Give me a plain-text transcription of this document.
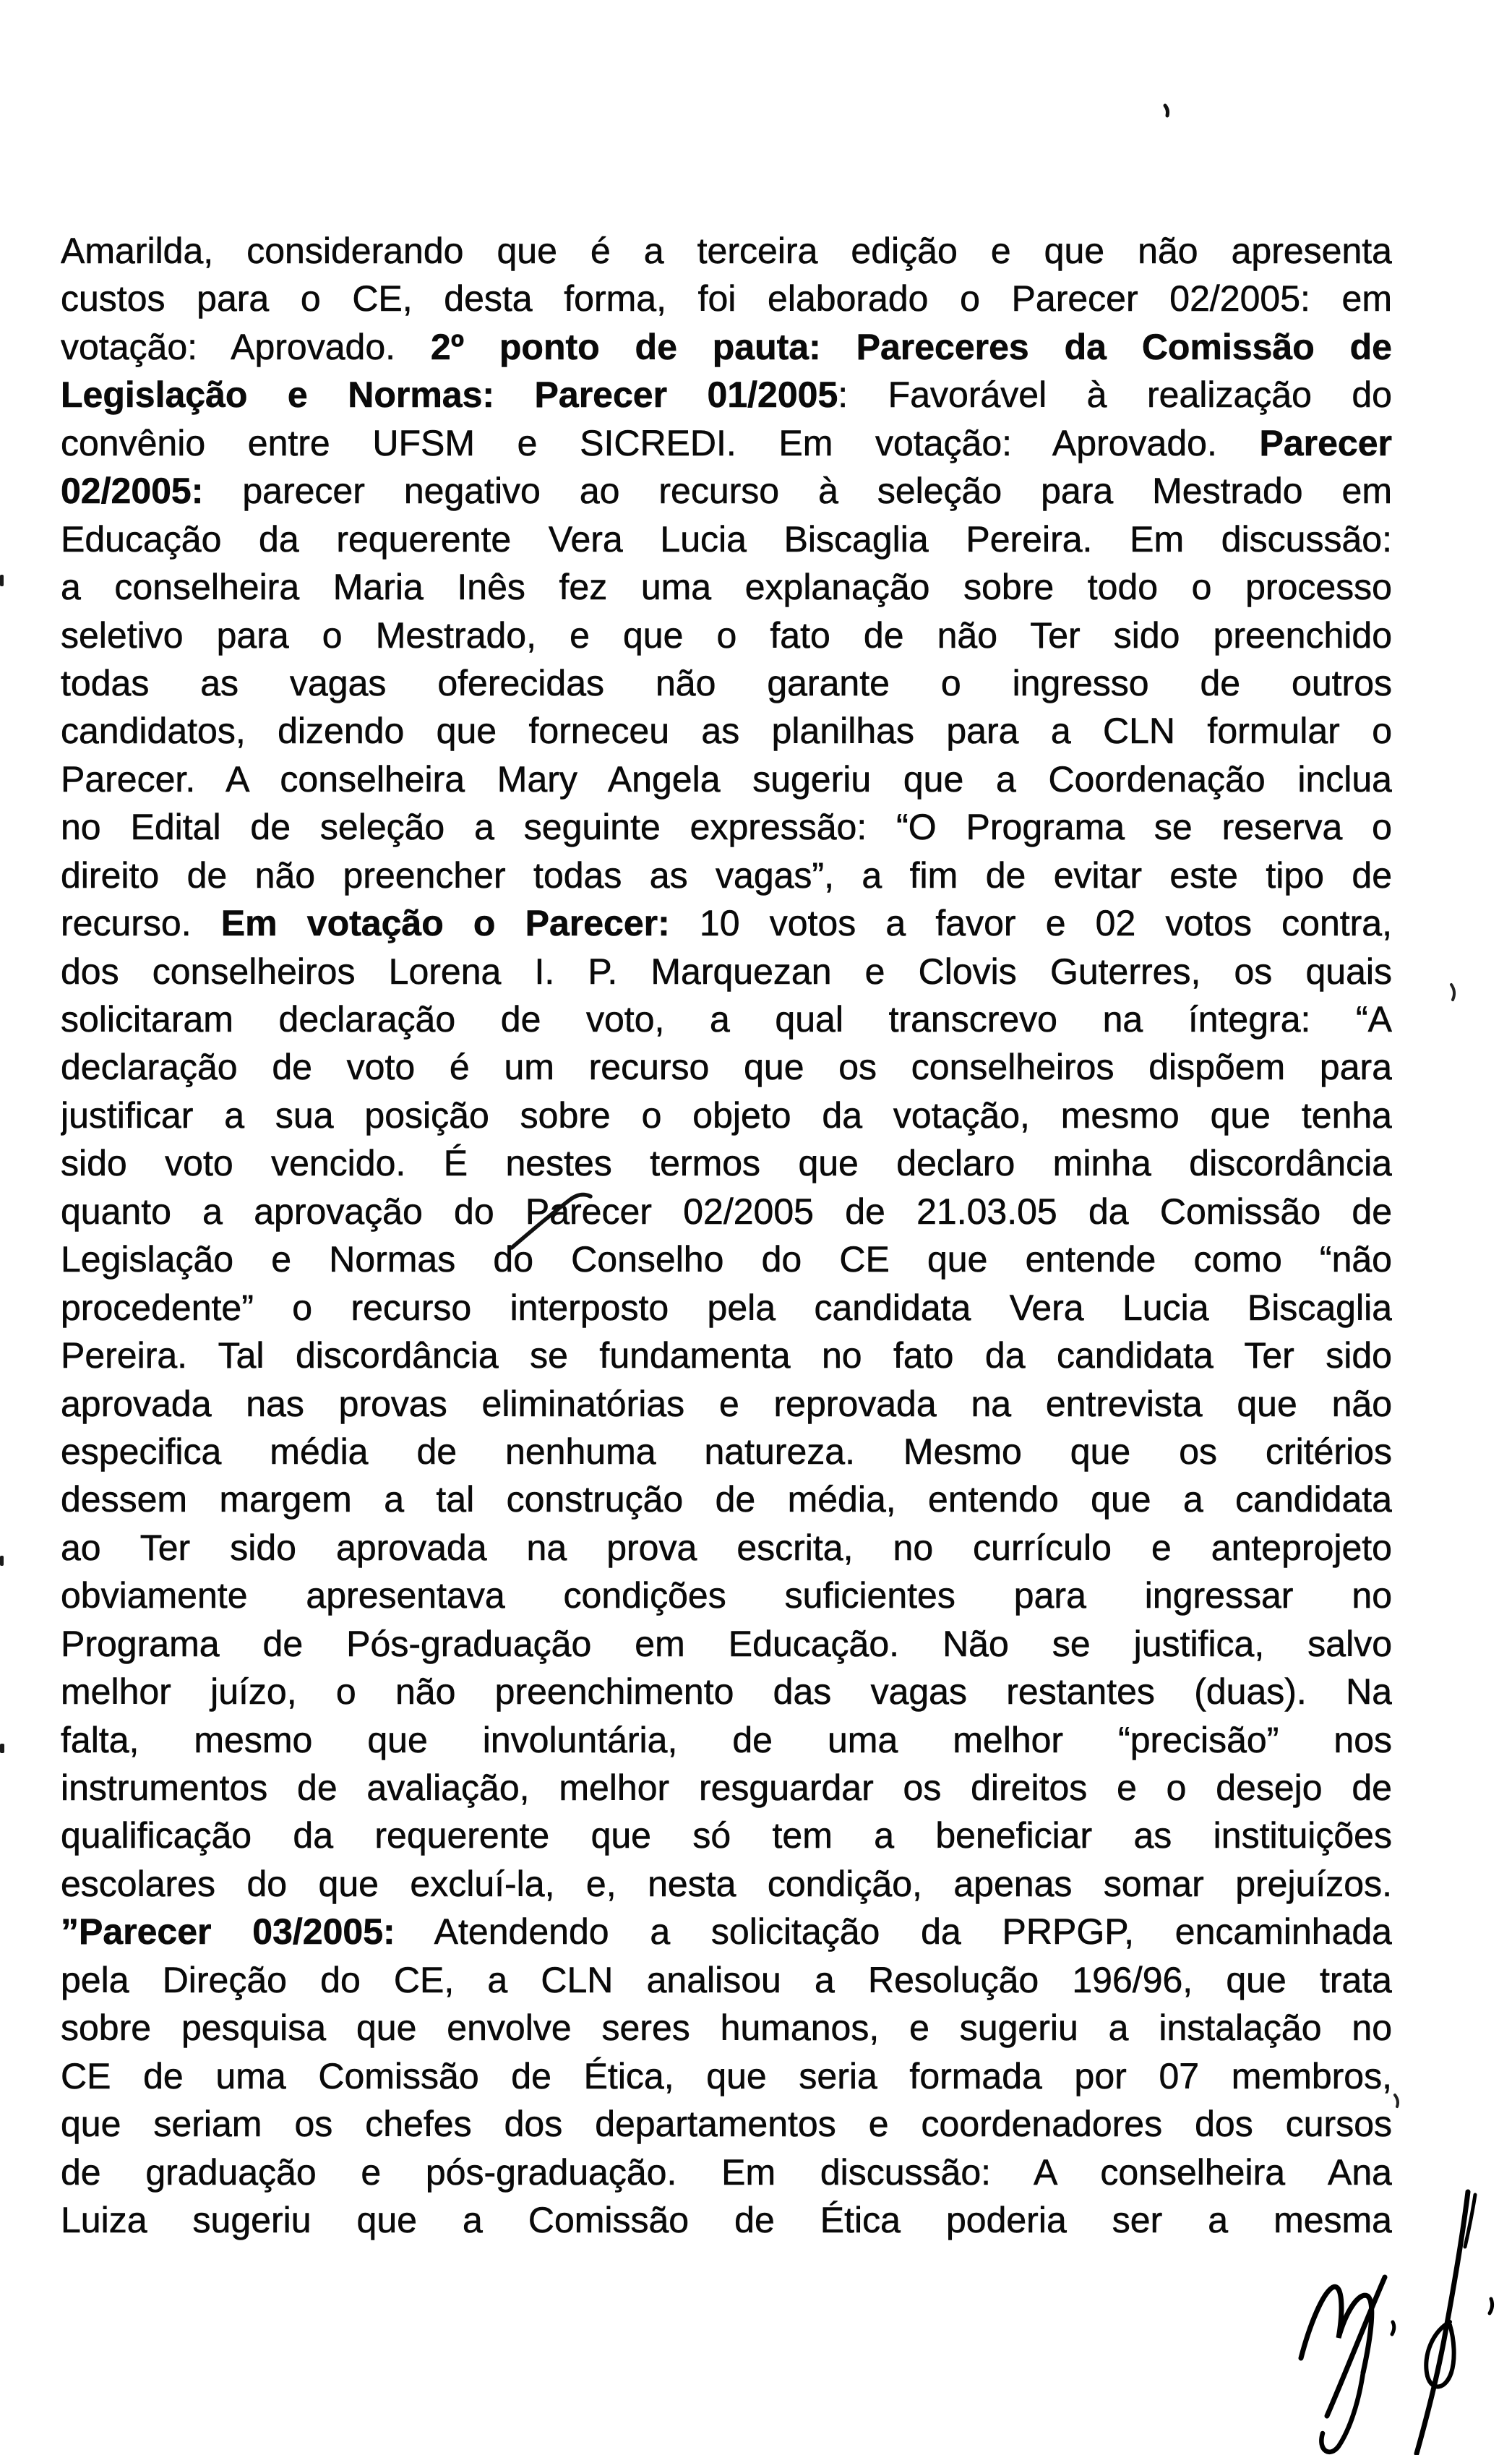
Amarilda, considerando que é a terceira edição e que não apresenta
custos para o CE, desta forma, foi elaborado o Parecer 02/2005: em
votação: Aprovado. 2º ponto de pauta: Pareceres da Comissão de
Legislação e Normas: Parecer 01/2005: Favorável à realização do
convênio entre UFSM e SICREDI. Em votação: Aprovado. Parecer
02/2005: parecer negativo ao recurso à seleção para Mestrado em
Educação da requerente Vera Lucia Biscaglia Pereira. Em discussão:
a conselheira Maria Inês fez uma explanação sobre todo o processo
seletivo para o Mestrado, e que o fato de não Ter sido preenchido
todas as vagas oferecidas não garante o ingresso de outros
candidatos, dizendo que forneceu as planilhas para a CLN formular o
Parecer. A conselheira Mary Angela sugeriu que a Coordenação inclua
no Edital de seleção a seguinte expressão: “O Programa se reserva o
direito de não preencher todas as vagas”, a fim de evitar este tipo de
recurso. Em votação o Parecer: 10 votos a favor e 02 votos contra,
dos conselheiros Lorena I. P. Marquezan e Clovis Guterres, os quais
solicitaram declaração de voto, a qual transcrevo na íntegra: “A
declaração de voto é um recurso que os conselheiros dispõem para
justificar a sua posição sobre o objeto da votação, mesmo que tenha
sido voto vencido. É nestes termos que declaro minha discordância
quanto a aprovação do Parecer 02/2005 de 21.03.05 da Comissão de
Legislação e Normas do Conselho do CE que entende como “não
procedente” o recurso interposto pela candidata Vera Lucia Biscaglia
Pereira. Tal discordância se fundamenta no fato da candidata Ter sido
aprovada nas provas eliminatórias e reprovada na entrevista que não
especifica média de nenhuma natureza. Mesmo que os critérios
dessem margem a tal construção de média, entendo que a candidata
ao Ter sido aprovada na prova escrita, no currículo e anteprojeto
obviamente apresentava condições suficientes para ingressar no
Programa de Pós-graduação em Educação. Não se justifica, salvo
melhor juízo, o não preenchimento das vagas restantes (duas). Na
falta, mesmo que involuntária, de uma melhor “precisão” nos
instrumentos de avaliação, melhor resguardar os direitos e o desejo de
qualificação da requerente que só tem a beneficiar as instituições
escolares do que excluí-la, e, nesta condição, apenas somar prejuízos.
”Parecer 03/2005: Atendendo a solicitação da PRPGP, encaminhada
pela Direção do CE, a CLN analisou a Resolução 196/96, que trata
sobre pesquisa que envolve seres humanos, e sugeriu a instalação no
CE de uma Comissão de Ética, que seria formada por 07 membros,
que seriam os chefes dos departamentos e coordenadores dos cursos
de graduação e pós-graduação. Em discussão: A conselheira Ana
Luiza sugeriu que a Comissão de Ética poderia ser a mesma
